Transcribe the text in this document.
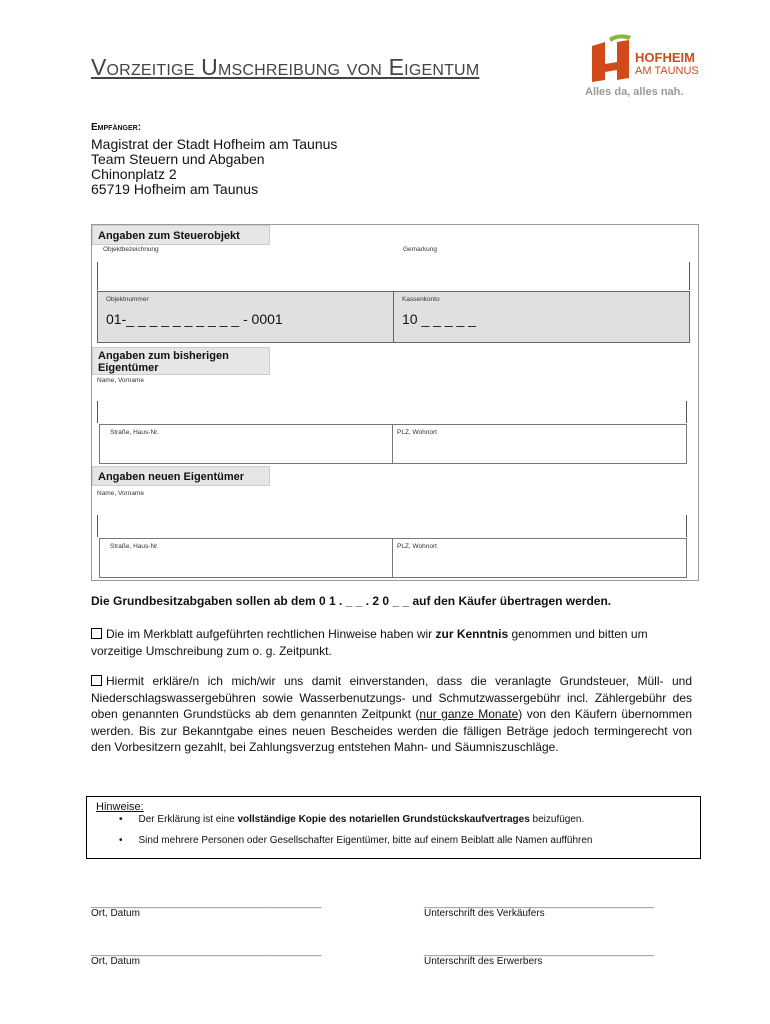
Vorzeitige Umschreibung von Eigentum	HOFHEIM
AM TAUNUS
Alles da, alles nah.
Empfänger:
Magistrat der Stadt Hofheim am Taunus
Team Steuern und Abgaben
Chinonplatz 2
65719 Hofheim am Taunus
Angaben zum Steuerobjekt
Objektbezeichnung	Gemarkung
Objektnummer	Kassenkonto
01-_ _ _ _ _ _ _ _ _ _ - 0001	10 _ _ _ _ _
Angaben zum bisherigen
Eigentümer
Name, Vorname
Straße, Haus-Nr.	PLZ, Wohnort
Angaben neuen Eigentümer
Name, Vorname
Straße, Haus-Nr.	PLZ, Wohnort
Die Grundbesitzabgaben sollen ab dem 0 1 . _ _ . 2 0 _ _ auf den Käufer übertragen werden.
Die im Merkblatt aufgeführten rechtlichen Hinweise haben wir zur Kenntnis genommen und bitten um vorzeitige Umschreibung zum o. g. Zeitpunkt.
Hiermit erkläre/n ich mich/wir uns damit einverstanden, dass die veranlagte Grundsteuer, Müll- und Niederschlagswassergebühren sowie Wasserbenutzungs- und Schmutzwassergebühr incl. Zählergebühr des oben genannten Grundstücks ab dem genannten Zeitpunkt (nur ganze Monate) von den Käufern übernommen werden. Bis zur Bekanntgabe eines neuen Bescheides werden die fälligen Beträge jedoch termingerecht von den Vorbesitzern gezahlt, bei Zahlungsverzug entstehen Mahn- und Säumniszuschläge.
Hinweise:
• Der Erklärung ist eine vollständige Kopie des notariellen Grundstückskaufvertrages beizufügen.
• Sind mehrere Personen oder Gesellschafter Eigentümer, bitte auf einem Beiblatt alle Namen aufführen
______________________________________________
Ort, Datum
______________________________________________
Unterschrift des Verkäufers
______________________________________________
Ort, Datum
______________________________________________
Unterschrift des Erwerbers
